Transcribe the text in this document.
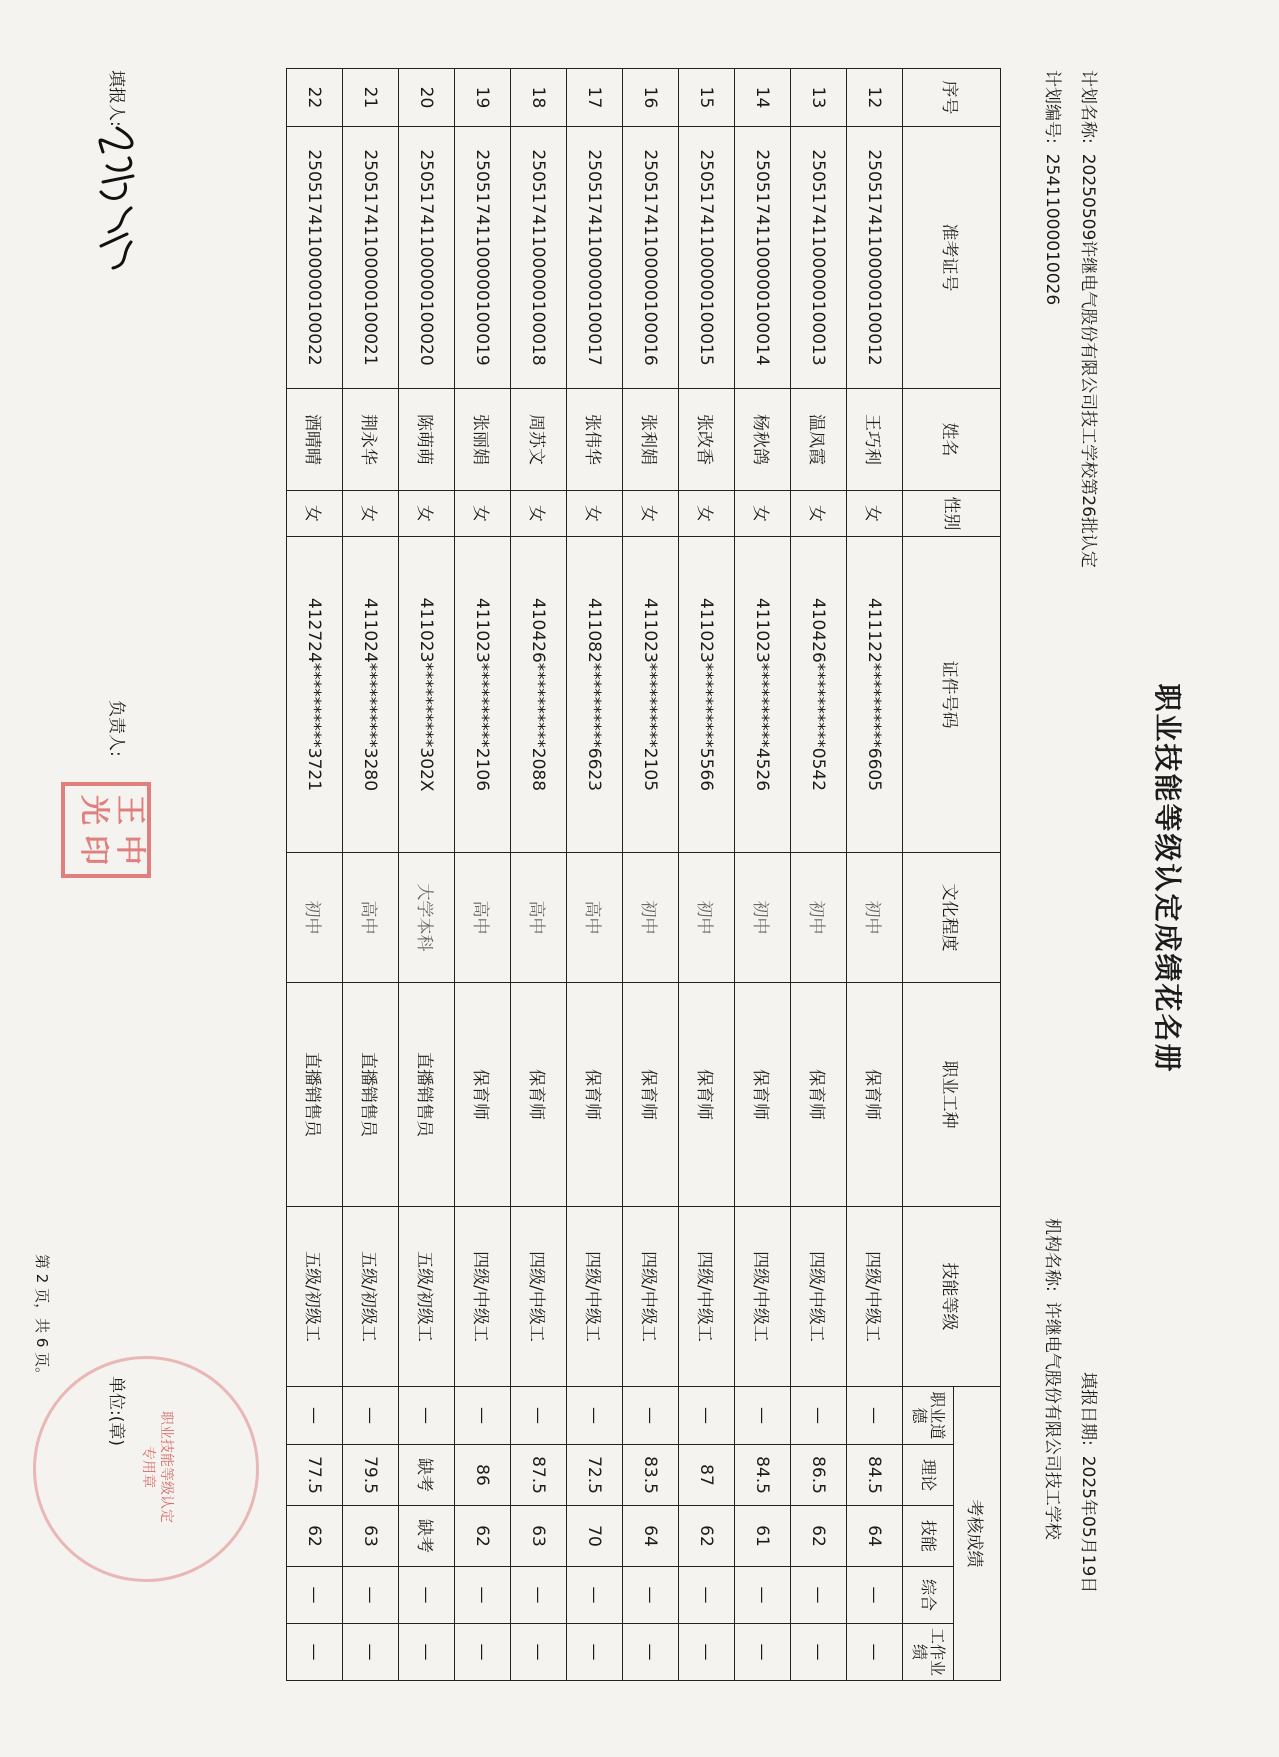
职业技能等级认定成绩花名册
计划名称:20250509许继电气股份有限公司技工学校第26批认定
计划编号:25411000010026
填报日期:2025年05月19日
机构名称:许继电气股份有限公司技工学校
序号	准考证号	姓名	性别	证件号码	文化程度	职业工种	技能等级	考核成绩				
								职业道德	理论	技能	综合	工作业绩
12	25051741100000100012	王巧利	女	411122**********6605	初中	保育师	四级/中级工	—	84.5	64	—	—
13	25051741100000100013	温凤霞	女	410426**********0542	初中	保育师	四级/中级工	—	86.5	62	—	—
14	25051741100000100014	杨秋鸽	女	411023**********4526	初中	保育师	四级/中级工	—	84.5	61	—	—
15	25051741100000100015	张改香	女	411023**********5566	初中	保育师	四级/中级工	—	87	62	—	—
16	25051741100000100016	张利娟	女	411023**********2105	初中	保育师	四级/中级工	—	83.5	64	—	—
17	25051741100000100017	张伟华	女	411082**********6623	高中	保育师	四级/中级工	—	72.5	70	—	—
18	25051741100000100018	周苏文	女	410426**********2088	高中	保育师	四级/中级工	—	87.5	63	—	—
19	25051741100000100019	张丽娟	女	411023**********2106	高中	保育师	四级/中级工	—	86	62	—	—
20	25051741100000100020	陈萌萌	女	411023**********302X	大学本科	直播销售员	五级/初级工	—	缺考	缺考	—	—
21	25051741100000100021	荆永华	女	411024**********3280	高中	直播销售员	五级/初级工	—	79.5	63	—	—
22	25051741100000100022	酒晴晴	女	412724**********3721	初中	直播销售员	五级/初级工	—	77.5	62	—	—
填报人:
负责人:
王中光印
单位:(章)	职业技能等级认定
专用章
第 2 页，共 6 页。
